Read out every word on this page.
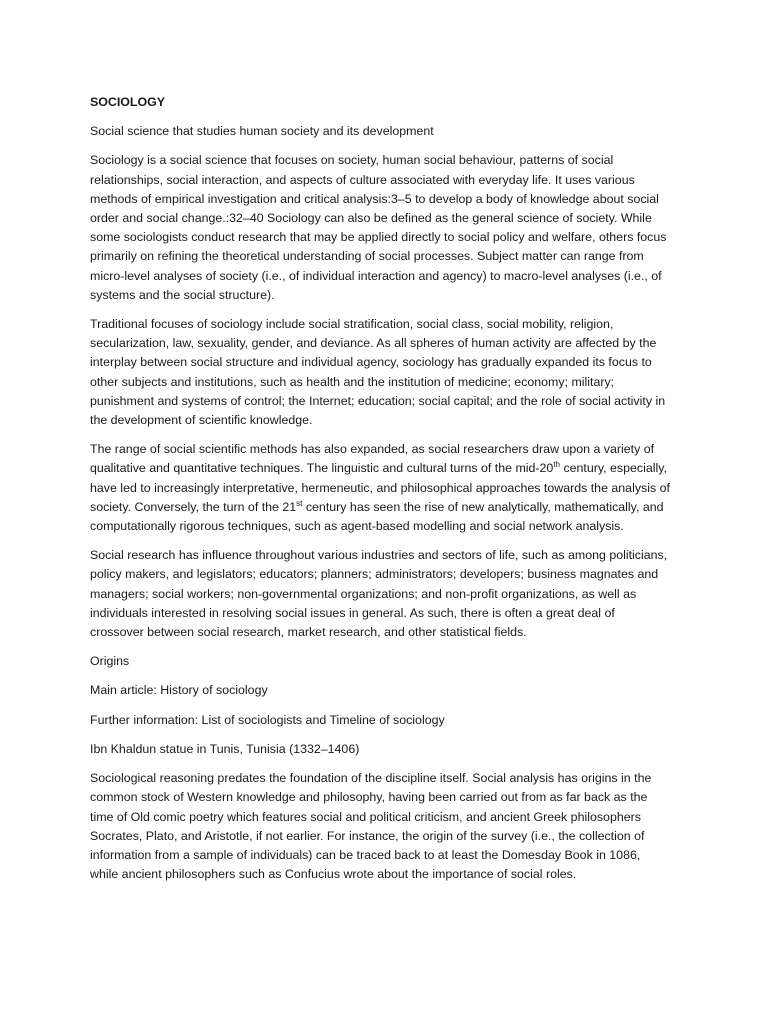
SOCIOLOGY

Social science that studies human society and its development

Sociology is a social science that focuses on society, human social behaviour, patterns of social relationships, social interaction, and aspects of culture associated with everyday life. It uses various methods of empirical investigation and critical analysis:3–5 to develop a body of knowledge about social order and social change.:32–40 Sociology can also be defined as the general science of society. While some sociologists conduct research that may be applied directly to social policy and welfare, others focus primarily on refining the theoretical understanding of social processes. Subject matter can range from micro-level analyses of society (i.e., of individual interaction and agency) to macro-level analyses (i.e., of systems and the social structure).

Traditional focuses of sociology include social stratification, social class, social mobility, religion, secularization, law, sexuality, gender, and deviance. As all spheres of human activity are affected by the interplay between social structure and individual agency, sociology has gradually expanded its focus to other subjects and institutions, such as health and the institution of medicine; economy; military; punishment and systems of control; the Internet; education; social capital; and the role of social activity in the development of scientific knowledge.

The range of social scientific methods has also expanded, as social researchers draw upon a variety of qualitative and quantitative techniques. The linguistic and cultural turns of the mid-20th century, especially, have led to increasingly interpretative, hermeneutic, and philosophical approaches towards the analysis of society. Conversely, the turn of the 21st century has seen the rise of new analytically, mathematically, and computationally rigorous techniques, such as agent-based modelling and social network analysis.

Social research has influence throughout various industries and sectors of life, such as among politicians, policy makers, and legislators; educators; planners; administrators; developers; business magnates and managers; social workers; non-governmental organizations; and non-profit organizations, as well as individuals interested in resolving social issues in general. As such, there is often a great deal of crossover between social research, market research, and other statistical fields.

Origins

Main article: History of sociology

Further information: List of sociologists and Timeline of sociology

Ibn Khaldun statue in Tunis, Tunisia (1332–1406)

Sociological reasoning predates the foundation of the discipline itself. Social analysis has origins in the common stock of Western knowledge and philosophy, having been carried out from as far back as the time of Old comic poetry which features social and political criticism, and ancient Greek philosophers Socrates, Plato, and Aristotle, if not earlier. For instance, the origin of the survey (i.e., the collection of information from a sample of individuals) can be traced back to at least the Domesday Book in 1086, while ancient philosophers such as Confucius wrote about the importance of social roles.
